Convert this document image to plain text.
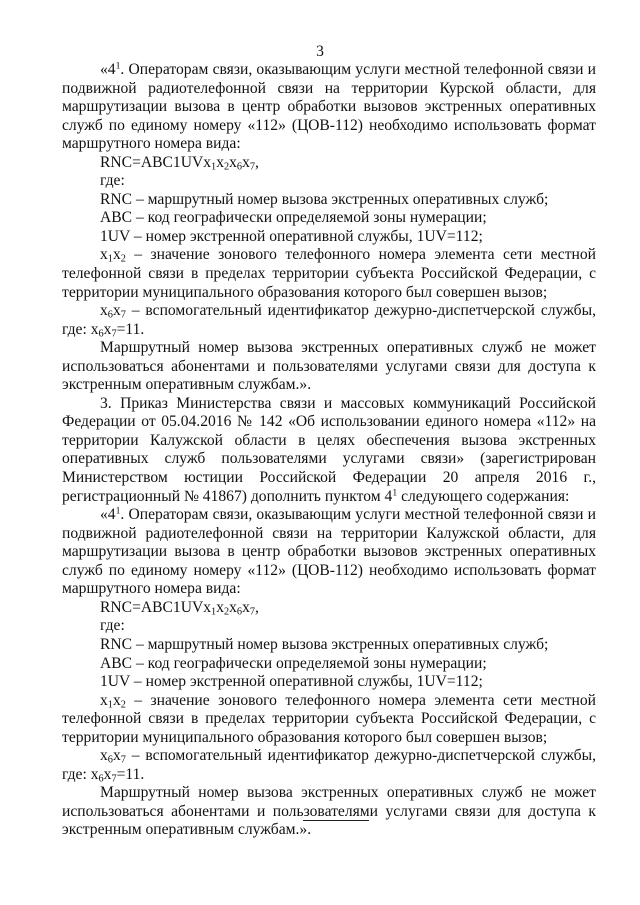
3
«$4^1$. Операторам связи, оказывающим услуги местной телефонной связи и
подвижной радиотелефонной связи на территории Курской области, для
маршрутизации вызова в центр обработки вызовов экстренных оперативных
служб по единому номеру «112» (ЦОВ-112) необходимо использовать формат
маршрутного номера вида:
$RNC=ABC1UVx_1x_2x_6x_7$,
где:
RNC – маршрутный номер вызова экстренных оперативных служб;
ABC – код географически определяемой зоны нумерации;
1UV – номер экстренной оперативной службы, 1UV=112;
$x_1x_2$ – значение зонового телефонного номера элемента сети местной
телефонной связи в пределах территории субъекта Российской Федерации, с
территории муниципального образования которого был совершен вызов;
$x_6x_7$ – вспомогательный идентификатор дежурно-диспетчерской службы,
где: $x_6x_7=11$.
Маршрутный номер вызова экстренных оперативных служб не может
использоваться абонентами и пользователями услугами связи для доступа к
экстренным оперативным службам.».
3. Приказ Министерства связи и массовых коммуникаций Российской
Федерации от 05.04.2016 № 142 «Об использовании единого номера «112» на
территории Калужской области в целях обеспечения вызова экстренных
оперативных служб пользователями услугами связи» (зарегистрирован
Министерством юстиции Российской Федерации 20 апреля 2016 г.,
регистрационный № 41867) дополнить пунктом $4^1$ следующего содержания:
«$4^1$. Операторам связи, оказывающим услуги местной телефонной связи и
подвижной радиотелефонной связи на территории Калужской области, для
маршрутизации вызова в центр обработки вызовов экстренных оперативных
служб по единому номеру «112» (ЦОВ-112) необходимо использовать формат
маршрутного номера вида:
$RNC=ABC1UVx_1x_2x_6x_7$,
где:
RNC – маршрутный номер вызова экстренных оперативных служб;
ABC – код географически определяемой зоны нумерации;
1UV – номер экстренной оперативной службы, 1UV=112;
$x_1x_2$ – значение зонового телефонного номера элемента сети местной
телефонной связи в пределах территории субъекта Российской Федерации, с
территории муниципального образования которого был совершен вызов;
$x_6x_7$ – вспомогательный идентификатор дежурно-диспетчерской службы,
где: $x_6x_7=11$.
Маршрутный номер вызова экстренных оперативных служб не может
использоваться абонентами и пользователями услугами связи для доступа к
экстренным оперативным службам.».
